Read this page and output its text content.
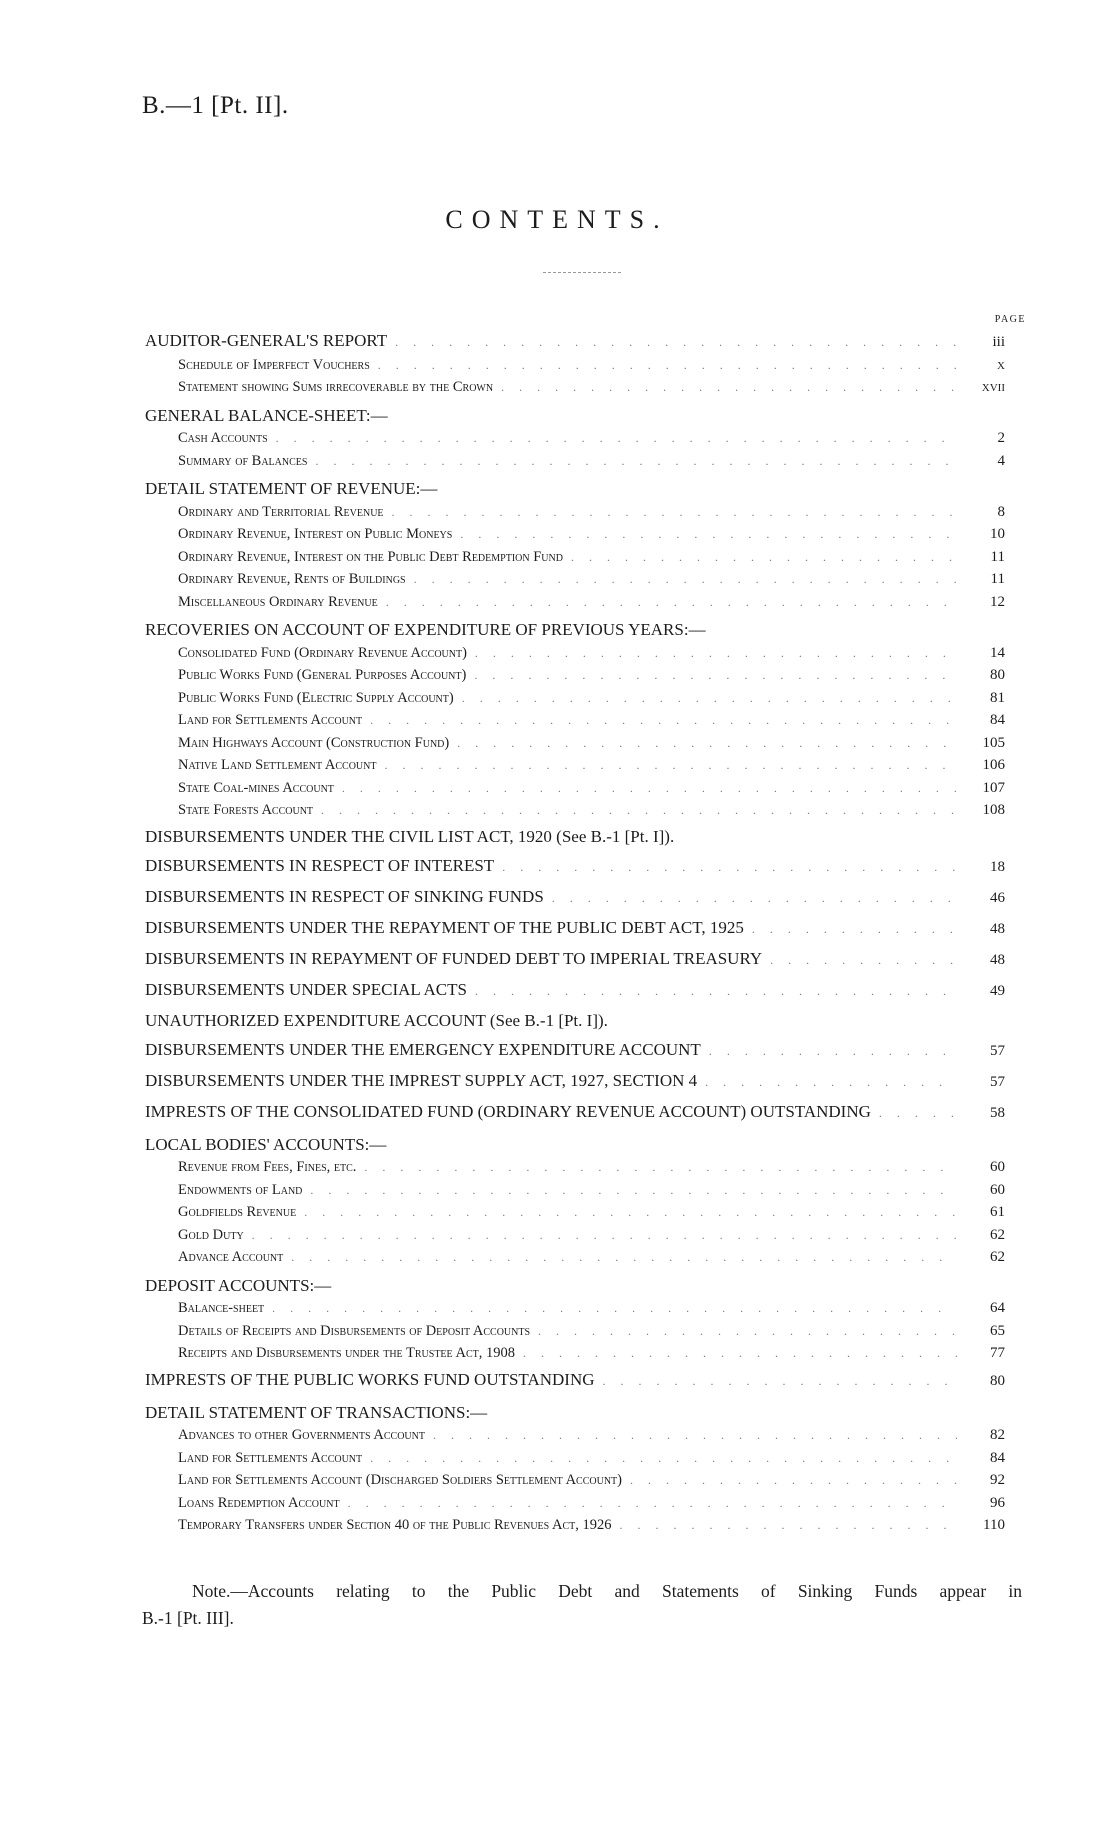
B.—1 [Pt. II].
CONTENTS.
PAGE
AUDITOR-GENERAL'S REPORT . . .	iii
Schedule of Imperfect Vouchers . . .	x
Statement showing Sums irrecoverable by the Crown . . .	xvii
GENERAL BALANCE-SHEET:—
Cash Accounts . . .	2
Summary of Balances . . .	4
DETAIL STATEMENT OF REVENUE:—
Ordinary and Territorial Revenue . . .	8
Ordinary Revenue, Interest on Public Moneys . . .	10
Ordinary Revenue, Interest on the Public Debt Redemption Fund . . .	11
Ordinary Revenue, Rents of Buildings . . .	11
Miscellaneous Ordinary Revenue . . .	12
RECOVERIES ON ACCOUNT OF EXPENDITURE OF PREVIOUS YEARS:—
Consolidated Fund (Ordinary Revenue Account) . . .	14
Public Works Fund (General Purposes Account) . . .	80
Public Works Fund (Electric Supply Account) . . .	81
Land for Settlements Account . . .	84
Main Highways Account (Construction Fund) . . .	105
Native Land Settlement Account . . .	106
State Coal-mines Account . . .	107
State Forests Account . . .	108
DISBURSEMENTS UNDER THE CIVIL LIST ACT, 1920 (See B.-1 [Pt. I]).
DISBURSEMENTS IN RESPECT OF INTEREST . . .	18
DISBURSEMENTS IN RESPECT OF SINKING FUNDS . . .	46
DISBURSEMENTS UNDER THE REPAYMENT OF THE PUBLIC DEBT ACT, 1925 . . .	48
DISBURSEMENTS IN REPAYMENT OF FUNDED DEBT TO IMPERIAL TREASURY . . .	48
DISBURSEMENTS UNDER SPECIAL ACTS . . .	49
UNAUTHORIZED EXPENDITURE ACCOUNT (See B.-1 [Pt. I]).
DISBURSEMENTS UNDER THE EMERGENCY EXPENDITURE ACCOUNT . . .	57
DISBURSEMENTS UNDER THE IMPREST SUPPLY ACT, 1927, SECTION 4 . . .	57
IMPRESTS OF THE CONSOLIDATED FUND (ORDINARY REVENUE ACCOUNT) OUTSTANDING . . .	58
LOCAL BODIES' ACCOUNTS:—
Revenue from Fees, Fines, etc. . . .	60
Endowments of Land . . .	60
Goldfields Revenue . . .	61
Gold Duty . . .	62
Advance Account . . .	62
DEPOSIT ACCOUNTS:—
Balance-sheet . . .	64
Details of Receipts and Disbursements of Deposit Accounts . . .	65
Receipts and Disbursements under the Trustee Act, 1908 . . .	77
IMPRESTS OF THE PUBLIC WORKS FUND OUTSTANDING . . .	80
DETAIL STATEMENT OF TRANSACTIONS:—
Advances to other Governments Account . . .	82
Land for Settlements Account . . .	84
Land for Settlements Account (Discharged Soldiers Settlement Account) . . .	92
Loans Redemption Account . . .	96
Temporary Transfers under Section 40 of the Public Revenues Act, 1926 . . .	110
Note.—Accounts relating to the Public Debt and Statements of Sinking Funds appear in
B.-1 [Pt. III].
